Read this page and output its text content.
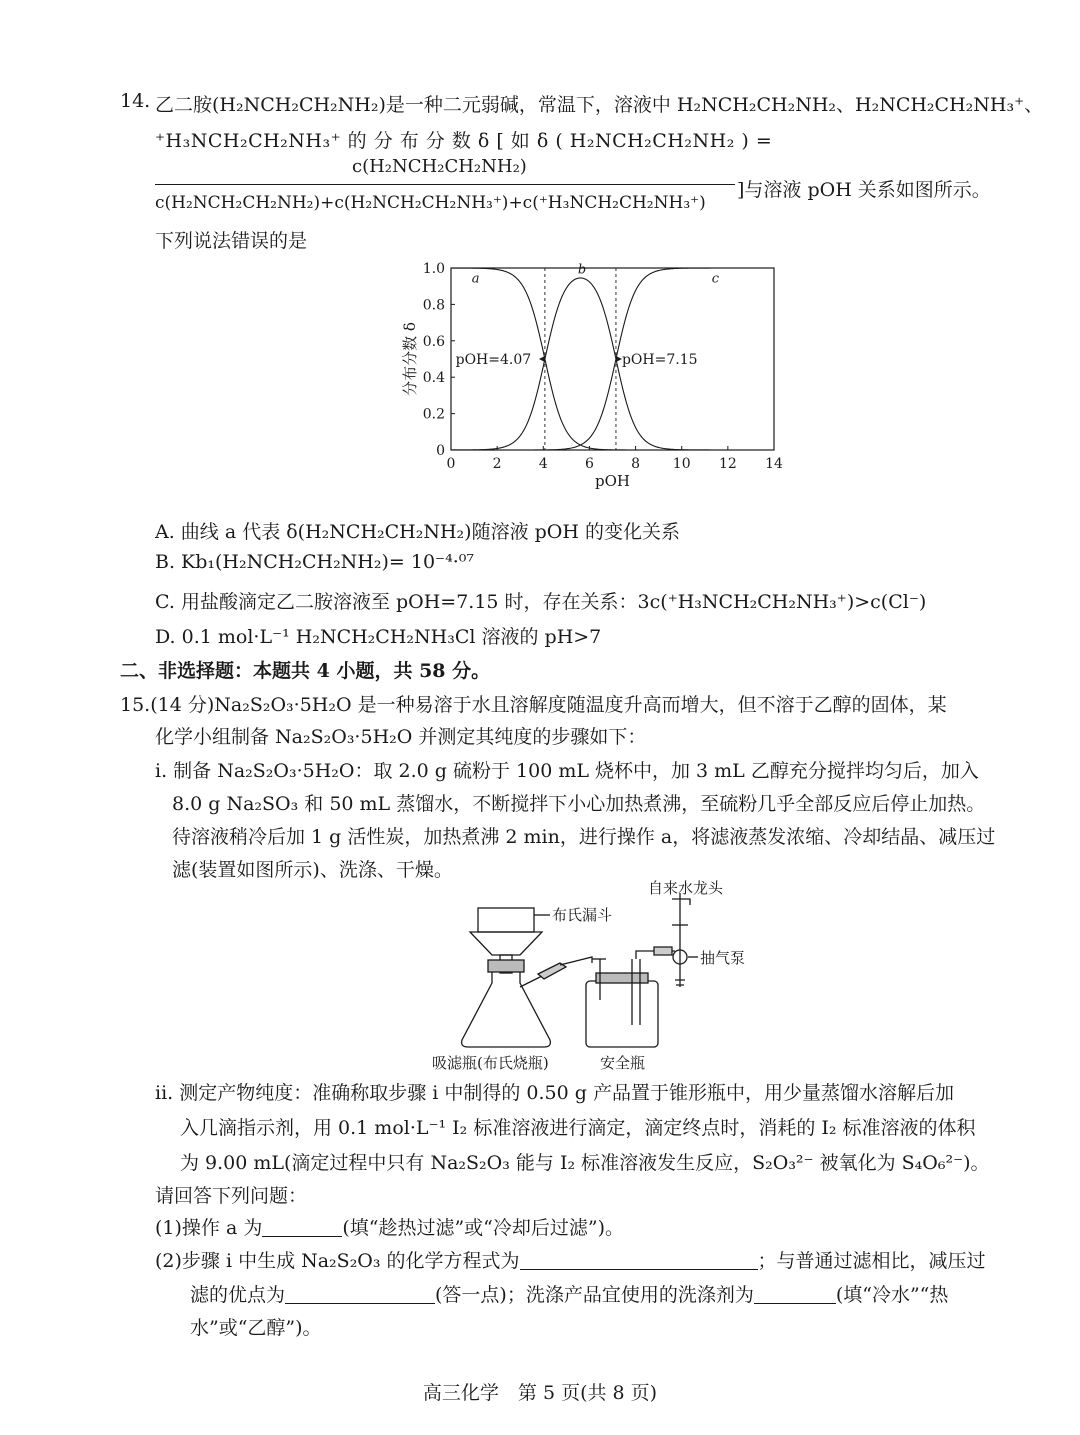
14. 乙二胺(H₂NCH₂CH₂NH₂)是一种二元弱碱，常温下，溶液中 H₂NCH₂CH₂NH₂、H₂NCH₂CH₂NH₃⁺、
⁺H₃NCH₂CH₂NH₃⁺ 的 分 布 分 数 δ [ 如 δ ( H₂NCH₂CH₂NH₂ ) =
c(H₂NCH₂CH₂NH₂)
c(H₂NCH₂CH₂NH₂)+c(H₂NCH₂CH₂NH₃⁺)+c(⁺H₃NCH₂CH₂NH₃⁺)
]与溶液 pOH 关系如图所示。
下列说法错误的是
0	2	4	6	8 10 12 14
0
0.2
0.4
0.6
0.8
1.0
pOH
分布分数 δ
a
b
c
pOH=4.07	pOH=7.15
A. 曲线 a 代表 δ(H₂NCH₂CH₂NH₂)随溶液 pOH 的变化关系
B. Kb₁(H₂NCH₂CH₂NH₂)= 10⁻⁴·⁰⁷
C. 用盐酸滴定乙二胺溶液至 pOH=7.15 时，存在关系：3c(⁺H₃NCH₂CH₂NH₃⁺)>c(Cl⁻)
D. 0.1 mol·L⁻¹ H₂NCH₂CH₂NH₃Cl 溶液的 pH>7
二、非选择题：本题共 4 小题，共 58 分。
15.(14 分)Na₂S₂O₃·5H₂O 是一种易溶于水且溶解度随温度升高而增大，但不溶于乙醇的固体，某
化学小组制备 Na₂S₂O₃·5H₂O 并测定其纯度的步骤如下：
i. 制备 Na₂S₂O₃·5H₂O：取 2.0 g 硫粉于 100 mL 烧杯中，加 3 mL 乙醇充分搅拌均匀后，加入
8.0 g Na₂SO₃ 和 50 mL 蒸馏水，不断搅拌下小心加热煮沸，至硫粉几乎全部反应后停止加热。
待溶液稍冷后加 1 g 活性炭，加热煮沸 2 min，进行操作 a，将滤液蒸发浓缩、冷却结晶、减压过
滤(装置如图所示)、洗涤、干燥。
自来水龙头
布氏漏斗
抽气泵
吸滤瓶(布氏烧瓶)	安全瓶
ii. 测定产物纯度：准确称取步骤 i 中制得的 0.50 g 产品置于锥形瓶中，用少量蒸馏水溶解后加
入几滴指示剂，用 0.1 mol·L⁻¹ I₂ 标准溶液进行滴定，滴定终点时，消耗的 I₂ 标准溶液的体积
为 9.00 mL(滴定过程中只有 Na₂S₂O₃ 能与 I₂ 标准溶液发生反应，S₂O₃²⁻ 被氧化为 S₄O₆²⁻)。
请回答下列问题：
(1)操作 a 为	(填“趁热过滤”或“冷却后过滤”)。
(2)步骤 i 中生成 Na₂S₂O₃ 的化学方程式为	；与普通过滤相比，减压过
滤的优点为	(答一点)；洗涤产品宜使用的洗涤剂为	(填“冷水”“热
水”或“乙醇”)。
高三化学　第 5 页(共 8 页)
